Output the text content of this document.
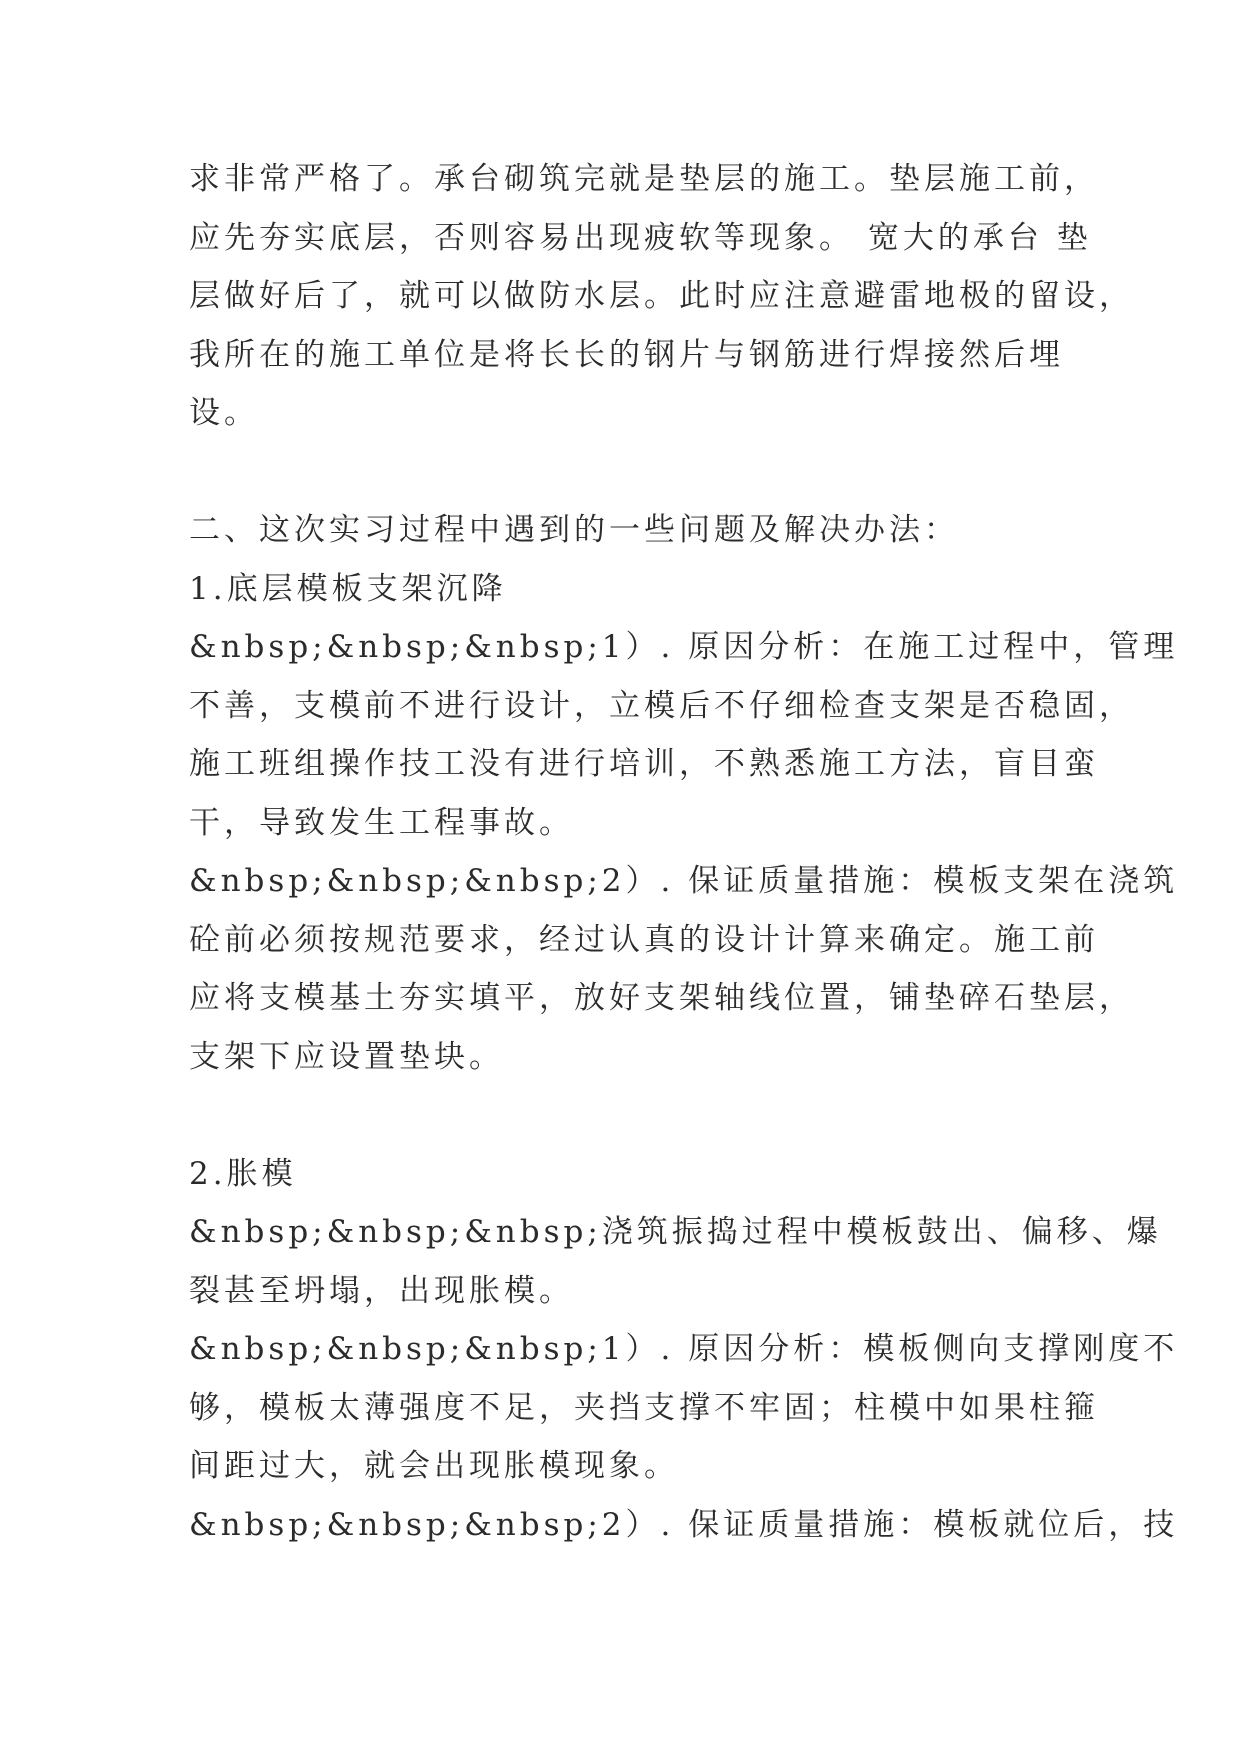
求非常严格了。承台砌筑完就是垫层的施工。垫层施工前，
应先夯实底层，否则容易出现疲软等现象。 宽大的承台 垫
层做好后了，就可以做防水层。此时应注意避雷地极的留设，
我所在的施工单位是将长长的钢片与钢筋进行焊接然后埋
设。
二、这次实习过程中遇到的一些问题及解决办法：
1.底层模板支架沉降
&nbsp;&nbsp;&nbsp;1）. 原因分析：在施工过程中，管理
不善，支模前不进行设计，立模后不仔细检查支架是否稳固，
施工班组操作技工没有进行培训，不熟悉施工方法，盲目蛮
干，导致发生工程事故。
&nbsp;&nbsp;&nbsp;2）. 保证质量措施：模板支架在浇筑
砼前必须按规范要求，经过认真的设计计算来确定。施工前
应将支模基土夯实填平，放好支架轴线位置，铺垫碎石垫层，
支架下应设置垫块。
2.胀模
&nbsp;&nbsp;&nbsp;浇筑振捣过程中模板鼓出、偏移、爆
裂甚至坍塌，出现胀模。
&nbsp;&nbsp;&nbsp;1）. 原因分析：模板侧向支撑刚度不
够，模板太薄强度不足，夹挡支撑不牢固；柱模中如果柱箍
间距过大，就会出现胀模现象。
&nbsp;&nbsp;&nbsp;2）. 保证质量措施：模板就位后，技
